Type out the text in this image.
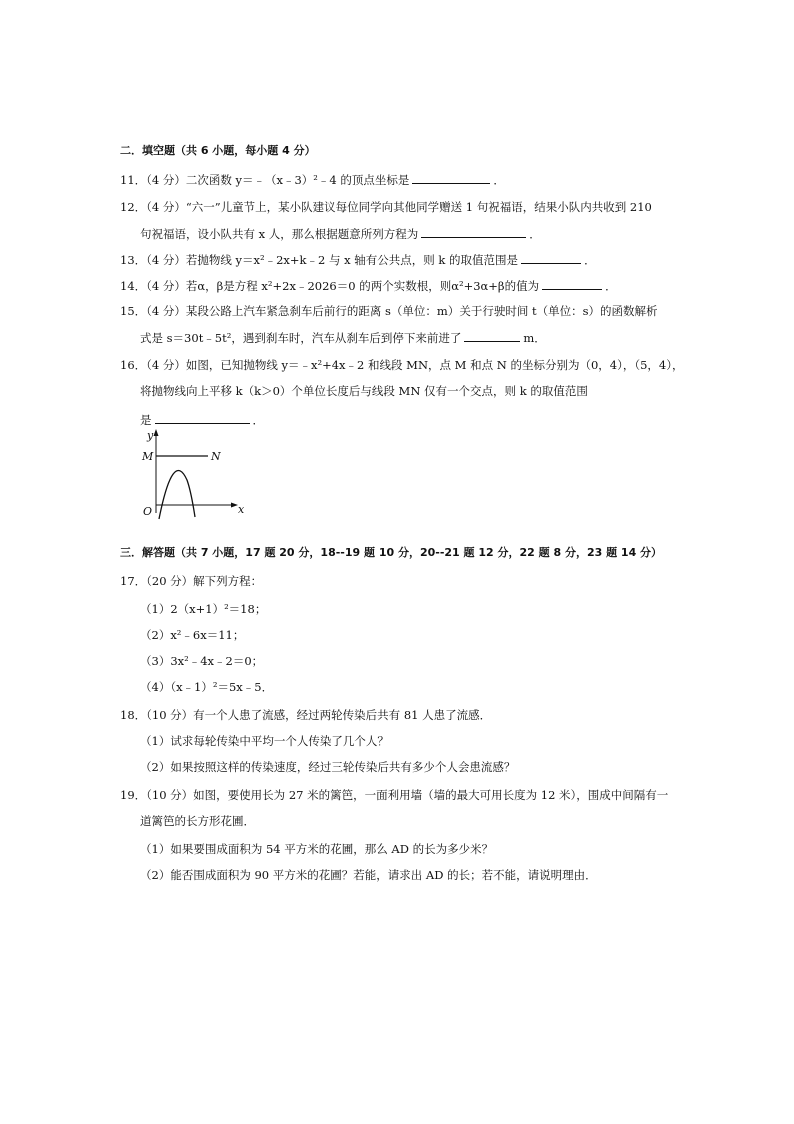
二．填空题（共 6 小题，每小题 4 分）
11．（4 分）二次函数 y＝﹣（x﹣3）²﹣4 的顶点坐标是	．
12．（4 分）“六一”儿童节上，某小队建议每位同学向其他同学赠送 1 句祝福语，结果小队内共收到 210
句祝福语，设小队共有 x 人，那么根据题意所列方程为	．
13．（4 分）若抛物线 y＝x²﹣2x+k﹣2 与 x 轴有公共点，则 k 的取值范围是	．
14．（4 分）若α，β是方程 x²+2x﹣2026＝0 的两个实数根，则α²+3α+β的值为	．
15．（4 分）某段公路上汽车紧急刹车后前行的距离 s（单位：m）关于行驶时间 t（单位：s）的函数解析
式是 s＝30t﹣5t²，遇到刹车时，汽车从刹车后到停下来前进了	m．
16．（4 分）如图，已知抛物线 y＝﹣x²+4x﹣2 和线段 MN，点 M 和点 N 的坐标分别为（0，4），（5，4），
将抛物线向上平移 k（k＞0）个单位长度后与线段 MN 仅有一个交点，则 k 的取值范围
是	．
y
x
O
M	N
三．解答题（共 7 小题，17 题 20 分，18--19 题 10 分，20--21 题 12 分，22 题 8 分，23 题 14 分）
17．（20 分）解下列方程：
（1）2（x+1）²＝18；
（2）x²﹣6x＝11；
（3）3x²﹣4x﹣2＝0；
（4）（x﹣1）²＝5x﹣5．
18．（10 分）有一个人患了流感，经过两轮传染后共有 81 人患了流感．
（1）试求每轮传染中平均一个人传染了几个人？
（2）如果按照这样的传染速度，经过三轮传染后共有多少个人会患流感？
19．（10 分）如图，要使用长为 27 米的篱笆，一面利用墙（墙的最大可用长度为 12 米），围成中间隔有一
道篱笆的长方形花圃．
（1）如果要围成面积为 54 平方米的花圃，那么 AD 的长为多少米？
（2）能否围成面积为 90 平方米的花圃？若能，请求出 AD 的长；若不能，请说明理由．
